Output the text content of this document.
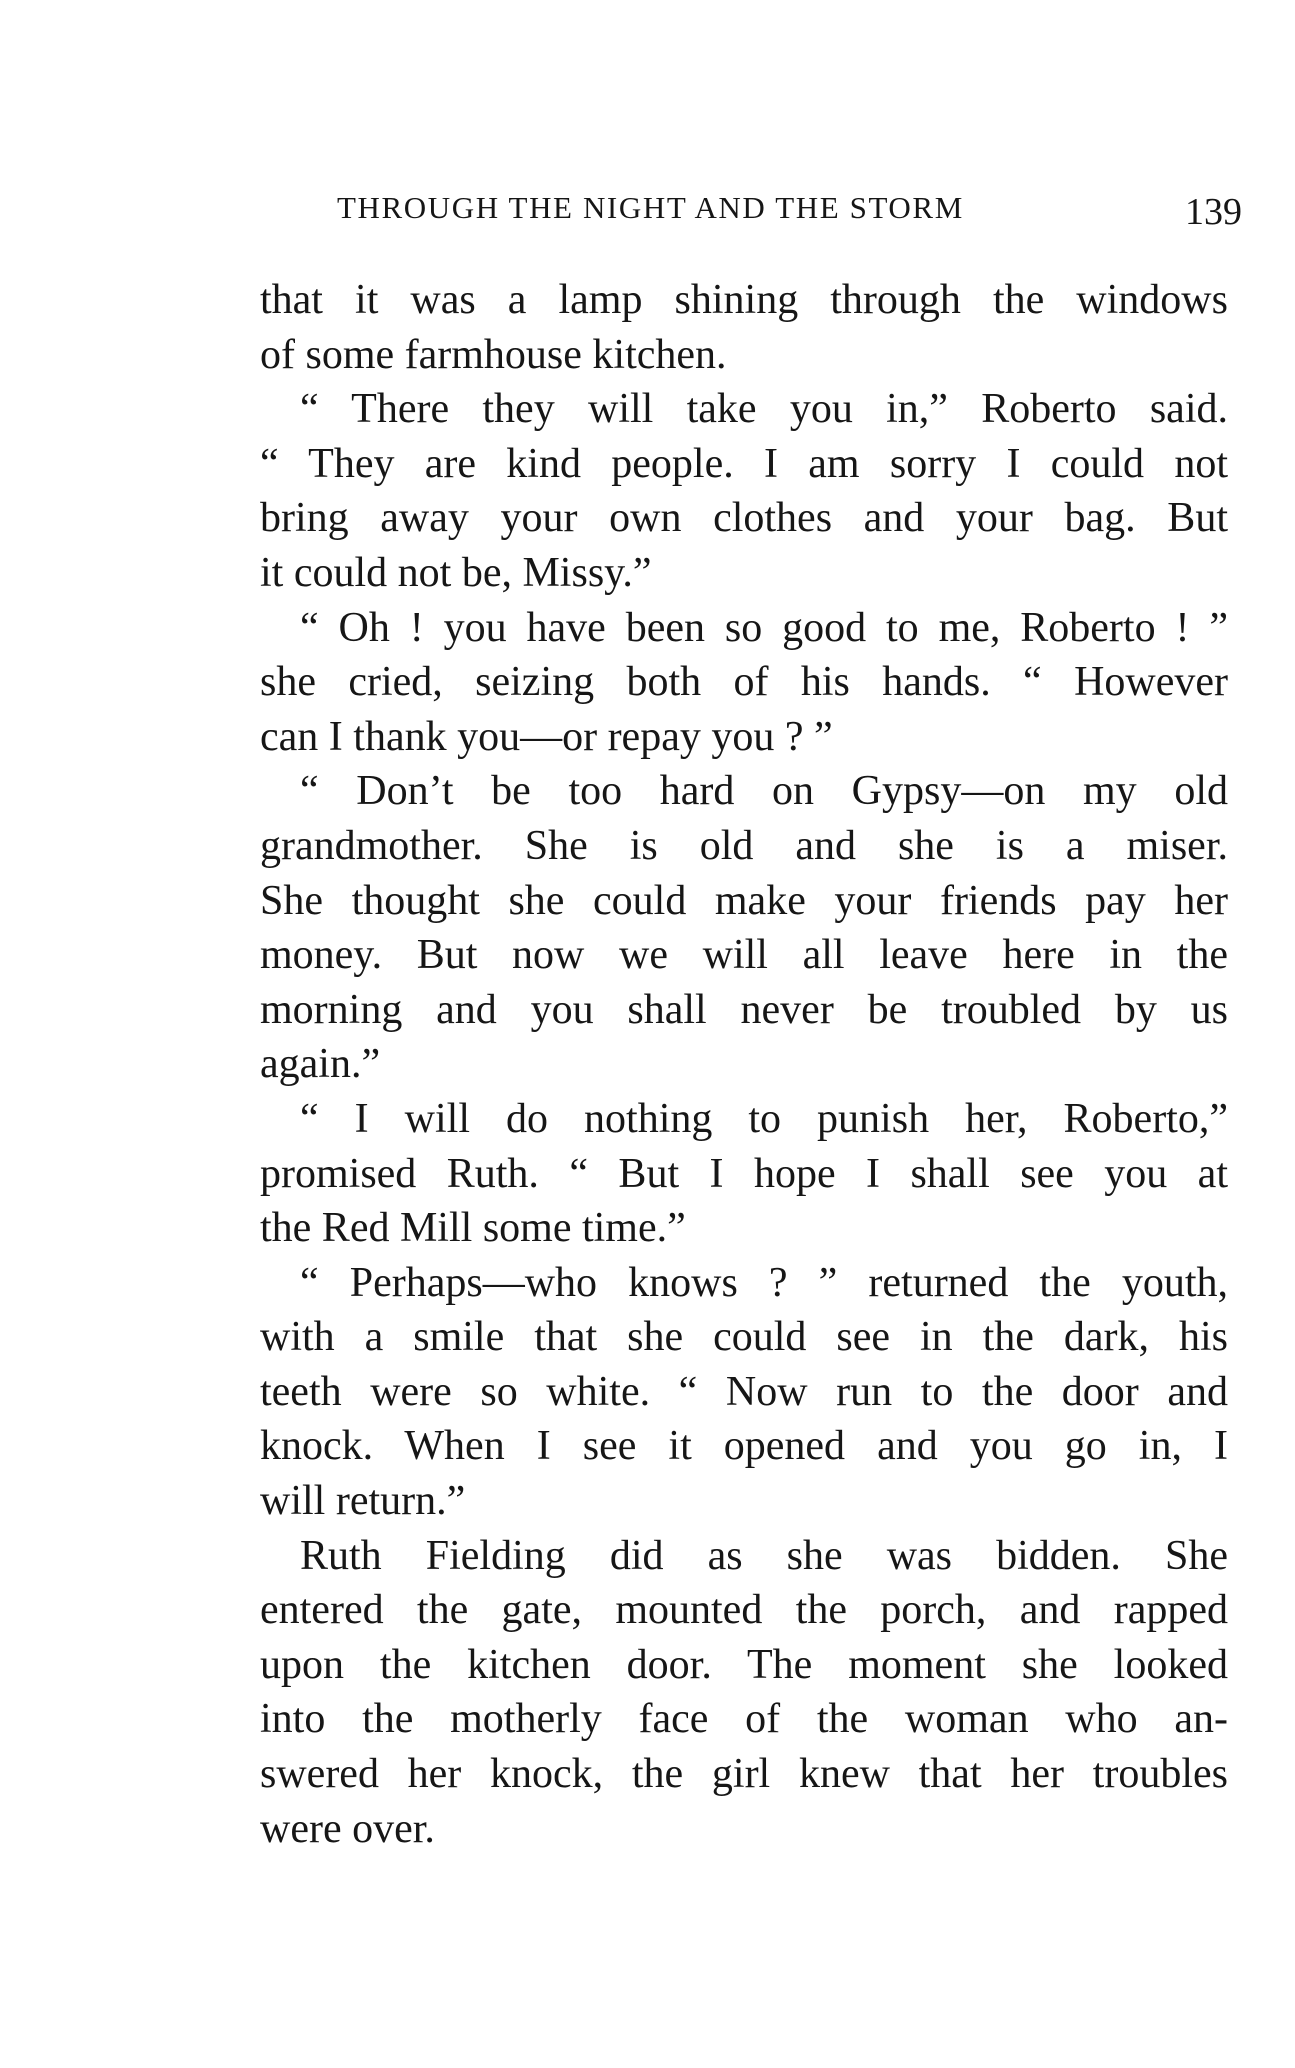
THROUGH THE NIGHT AND THE STORM	139
that it was a lamp shining through the windows
of some farmhouse kitchen.
“ There they will take you in,” Roberto said.
“ They are kind people. I am sorry I could not
bring away your own clothes and your bag. But
it could not be, Missy.”
“ Oh ! you have been so good to me, Roberto ! ”
she cried, seizing both of his hands. “ However
can I thank you—or repay you ? ”
“ Don’t be too hard on Gypsy—on my old
grandmother. She is old and she is a miser.
She thought she could make your friends pay her
money. But now we will all leave here in the
morning and you shall never be troubled by us
again.”
“ I will do nothing to punish her, Roberto,”
promised Ruth. “ But I hope I shall see you at
the Red Mill some time.”
“ Perhaps—who knows ? ” returned the youth,
with a smile that she could see in the dark, his
teeth were so white. “ Now run to the door and
knock. When I see it opened and you go in, I
will return.”
Ruth Fielding did as she was bidden. She
entered the gate, mounted the porch, and rapped
upon the kitchen door. The moment she looked
into the motherly face of the woman who an-
swered her knock, the girl knew that her troubles
were over.
